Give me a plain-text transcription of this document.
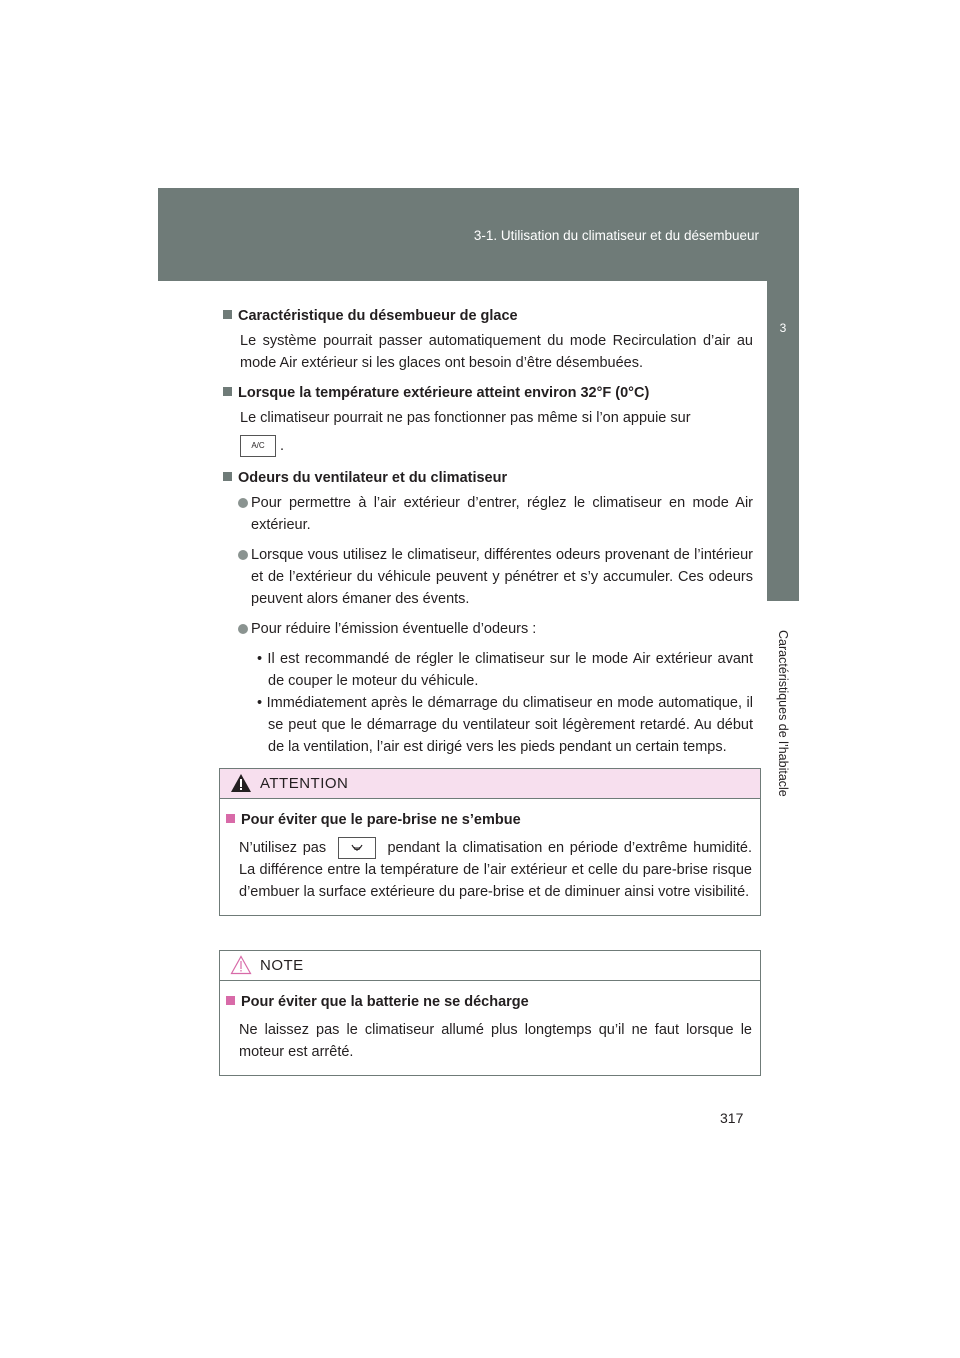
3-1. Utilisation du climatiseur et du désembueur
3
Caractéristiques de l’habitacle
Caractéristique du désembueur de glace
Le système pourrait passer automatiquement du mode Recirculation d’air au mode Air extérieur si les glaces ont besoin d’être désembuées.
Lorsque la température extérieure atteint environ 32°F (0°C)
Le climatiseur pourrait ne pas fonctionner pas même si l’on appuie sur
A/C .
Odeurs du ventilateur et du climatiseur
Pour permettre à l’air extérieur d’entrer, réglez le climatiseur en mode Air extérieur.
Lorsque vous utilisez le climatiseur, différentes odeurs provenant de l’intérieur et de l’extérieur du véhicule peuvent y pénétrer et s’y accumuler. Ces odeurs peuvent alors émaner des évents.
Pour réduire l’émission éventuelle d’odeurs :
• Il est recommandé de régler le climatiseur sur le mode Air extérieur avant de couper le moteur du véhicule.
• Immédiatement après le démarrage du climatiseur en mode automatique, il se peut que le démarrage du ventilateur soit légèrement retardé. Au début de la ventilation, l’air est dirigé vers les pieds pendant un certain temps.
ATTENTION
Pour éviter que le pare-brise ne s’embue
N’utilisez pas	pendant la climatisation en période d’extrême humidité. La différence entre la température de l’air extérieur et celle du pare-brise risque d’embuer la surface extérieure du pare-brise et de diminuer ainsi votre visibilité.
NOTE
Pour éviter que la batterie ne se décharge
Ne laissez pas le climatiseur allumé plus longtemps qu’il ne faut lorsque le moteur est arrêté.
317
